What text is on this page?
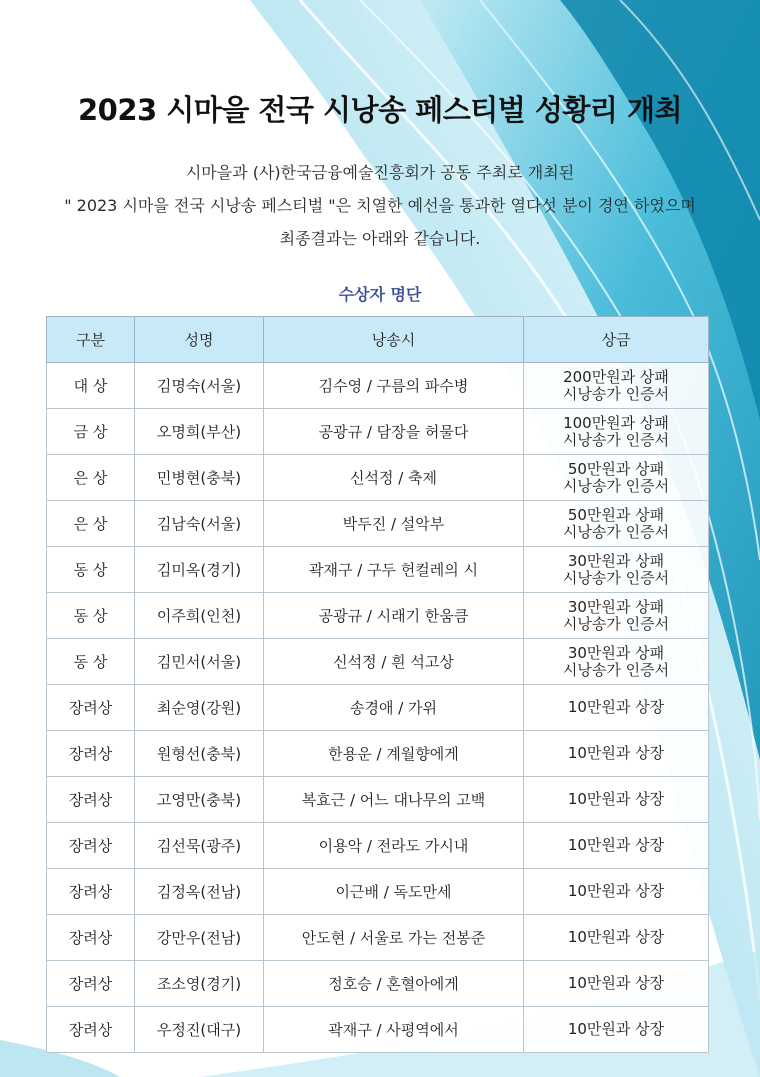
2023 시마을 전국 시낭송 페스티벌 성황리 개최
시마을과 (사)한국금융예술진흥회가 공동 주최로 개최된
" 2023 시마을 전국 시낭송 페스티벌 "은 치열한 예선을 통과한 열다섯 분이 경연 하였으며
최종결과는 아래와 같습니다.
수상자 명단
구분	성명	낭송시	상금
대 상	김명숙(서울)	김수영 / 구름의 파수병	200만원과 상패
시낭송가 인증서

금 상	오명희(부산)	공광규 / 담장을 허물다	100만원과 상패
시낭송가 인증서

은 상	민병현(충북)	신석정 / 축제	50만원과 상패
시낭송가 인증서

은 상	김남숙(서울)	박두진 / 설악부	50만원과 상패
시낭송가 인증서

동 상	김미옥(경기)	곽재구 / 구두 헌컬레의 시	30만원과 상패
시낭송가 인증서

동 상	이주희(인천)	공광규 / 시래기 한움큼	30만원과 상패
시낭송가 인증서

동 상	김민서(서울)	신석정 / 흰 석고상	30만원과 상패
시낭송가 인증서

장려상	최순영(강원)	송경애 / 가위	10만원과 상장

장려상	원형선(충북)	한용운 / 계월향에게	10만원과 상장

장려상	고영만(충북)	복효근 / 어느 대나무의 고백	10만원과 상장

장려상	김선묵(광주)	이용악 / 전라도 가시내	10만원과 상장

장려상	김정옥(전남)	이근배 / 독도만세	10만원과 상장

장려상	강만우(전남)	안도현 / 서울로 가는 전봉준	10만원과 상장

장려상	조소영(경기)	정호승 / 혼혈아에게	10만원과 상장

장려상	우정진(대구)	곽재구 / 사평역에서	10만원과 상장
